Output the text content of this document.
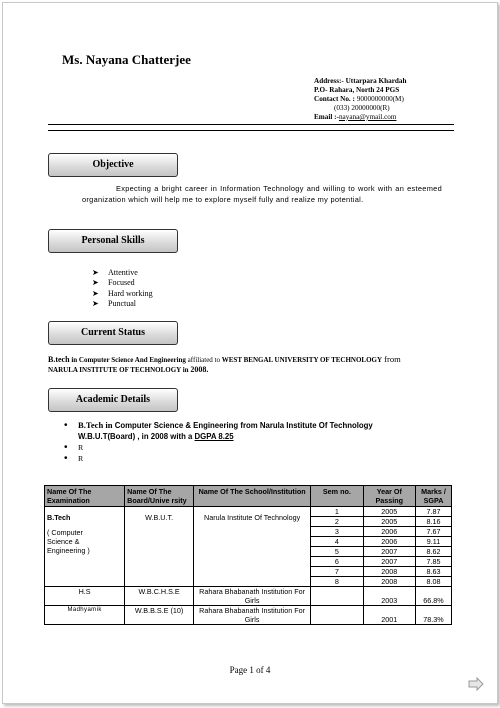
Ms. Nayana Chatterjee
Address:- Uttarpara Khardah
P.O- Rahara, North 24 PGS
Contact No. : 9000000000(M)
(033) 20000000(R)
Email :-nayana@ymail.com
Objective
Expecting a bright career in Information Technology and willing to work with an esteemed organization which will help me to explore myself fully and realize my potential.
Personal Skills
➤ Attentive
➤ Focused
➤ Hard working
➤ Punctual
Current Status
B.tech in Computer Science And Engineering affiliated to WEST BENGAL UNIVERSITY OF TECHNOLOGY from
NARULA INSTITUTE OF TECHNOLOGY in 2008.
Academic Details
• B.Tech in Computer Science & Engineering from Narula Institute Of Technology
W.B.U.T(Board) , in 2008 with a DGPA 8.25
• R
• R
Name Of The Examination	Name Of The Board/Unive rsity	Name Of The School/Institution	Sem no.	Year Of Passing	Marks / SGPA

B.Tech
( Computer Science & Engineering )	W.B.U.T.	Narula Institute Of Technology	1	2005	7.87
			2	2005	8.16
			3	2006	7.67
			4	2006	9.11
			5	2007	8.62
			6	2007	7.85
			7	2008	8.63
			8	2008	8.08
H.S	W.B.C.H.S.E	Rahara Bhabanath Institution For Girls		2003	66.8%
Madhyamik	W.B.B.S.E (10)	Rahara Bhabanath Institution For Girls		2001	78.3%
Page 1 of 4
